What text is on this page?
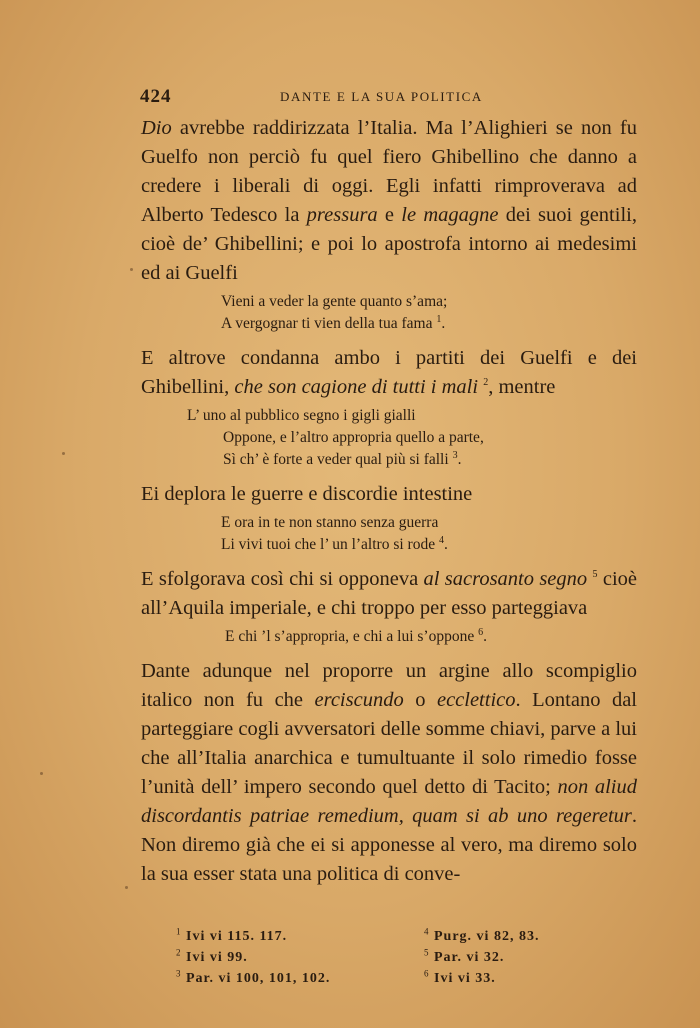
424	DANTE E LA SUA POLITICA

Dio avrebbe raddirizzata l’Italia. Ma l’Alighieri se non fu Guelfo non perciò fu quel fiero Ghibellino che danno a credere i liberali di oggi. Egli infatti rimproverava ad Alberto Tedesco la pressura e le magagne dei suoi gentili, cioè de’ Ghibellini; e poi lo apostrofa intorno ai medesimi ed ai Guelfi

Vieni a veder la gente quanto s’ama;
A vergognar ti vien della tua fama $^1$.

E altrove condanna ambo i partiti dei Guelfi e dei Ghibellini, che son cagione di tutti i mali $^2$, mentre

L’ uno al pubblico segno i gigli gialli
Oppone, e l’altro appropria quello a parte,
Sì ch’ è forte a veder qual più si falli $^3$.

Ei deplora le guerre e discordie intestine

E ora in te non stanno senza guerra
Li vivi tuoi che l’ un l’altro si rode $^4$.

E sfolgorava così chi si opponeva al sacrosanto segno $^5$ cioè all’Aquila imperiale, e chi troppo per esso parteggiava

E chi ’l s’appropria, e chi a lui s’oppone $^6$.

Dante adunque nel proporre un argine allo scompiglio italico non fu che erciscundo o ecclettico. Lontano dal parteggiare cogli avversatori delle somme chiavi, parve a lui che all’Italia anarchica e tumultuante il solo rimedio fosse l’unità dell’ impero secondo quel detto di Tacito; non aliud discordantis patriae remedium, quam si ab uno regeretur. Non diremo già che ei si apponesse al vero, ma diremo solo la sua esser stata una politica di conve-

$^1$ Ivi vi 115. 117.
$^2$ Ivi vi 99.
$^3$ Par. vi 100, 101, 102.
$^4$ Purg. vi 82, 83.
$^5$ Par. vi 32.
$^6$ Ivi vi 33.
